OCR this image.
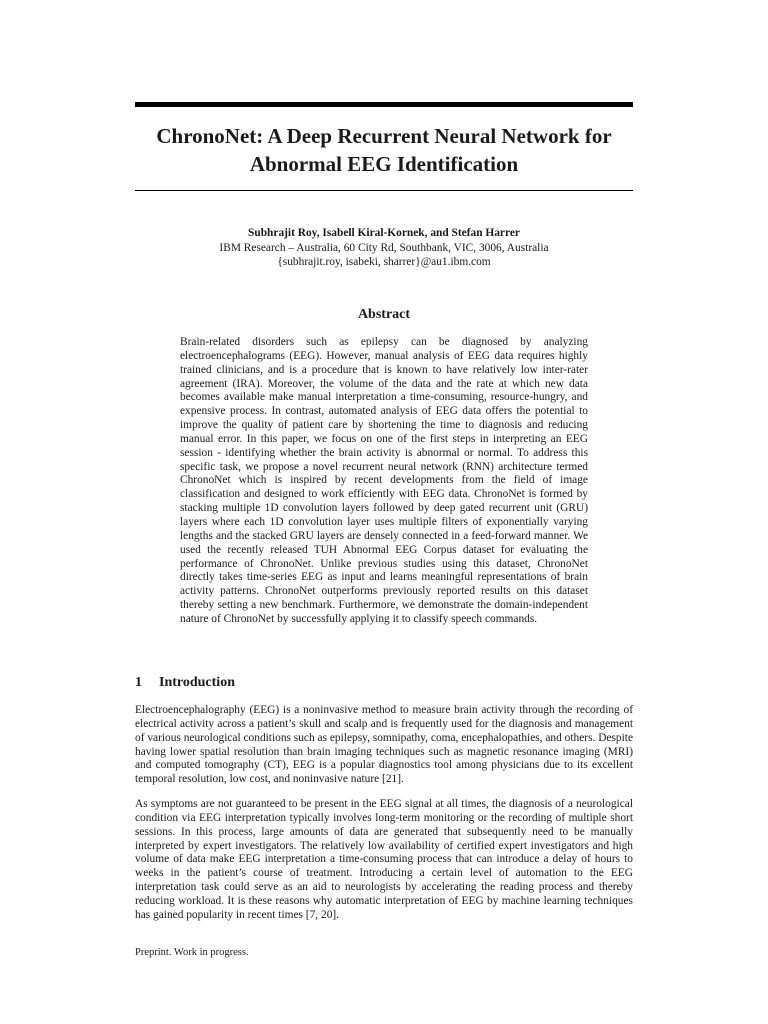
ChronoNet: A Deep Recurrent Neural Network for Abnormal EEG Identification
Subhrajit Roy, Isabell Kiral-Kornek, and Stefan Harrer
IBM Research – Australia, 60 City Rd, Southbank, VIC, 3006, Australia
{subhrajit.roy, isabeki, sharrer}@au1.ibm.com
Abstract

Brain-related disorders such as epilepsy can be diagnosed by analyzing electroencephalograms (EEG). However, manual analysis of EEG data requires highly trained clinicians, and is a procedure that is known to have relatively low inter-rater agreement (IRA). Moreover, the volume of the data and the rate at which new data becomes available make manual interpretation a time-consuming, resource-hungry, and expensive process. In contrast, automated analysis of EEG data offers the potential to improve the quality of patient care by shortening the time to diagnosis and reducing manual error. In this paper, we focus on one of the first steps in interpreting an EEG session - identifying whether the brain activity is abnormal or normal. To address this specific task, we propose a novel recurrent neural network (RNN) architecture termed ChronoNet which is inspired by recent developments from the field of image classification and designed to work efficiently with EEG data. ChronoNet is formed by stacking multiple 1D convolution layers followed by deep gated recurrent unit (GRU) layers where each 1D convolution layer uses multiple filters of exponentially varying lengths and the stacked GRU layers are densely connected in a feed-forward manner. We used the recently released TUH Abnormal EEG Corpus dataset for evaluating the performance of ChronoNet. Unlike previous studies using this dataset, ChronoNet directly takes time-series EEG as input and learns meaningful representations of brain activity patterns. ChronoNet outperforms previously reported results on this dataset thereby setting a new benchmark. Furthermore, we demonstrate the domain-independent nature of ChronoNet by successfully applying it to classify speech commands.

1 Introduction

Electroencephalography (EEG) is a noninvasive method to measure brain activity through the recording of electrical activity across a patient’s skull and scalp and is frequently used for the diagnosis and management of various neurological conditions such as epilepsy, somnipathy, coma, encephalopathies, and others. Despite having lower spatial resolution than brain imaging techniques such as magnetic resonance imaging (MRI) and computed tomography (CT), EEG is a popular diagnostics tool among physicians due to its excellent temporal resolution, low cost, and noninvasive nature [21].

As symptoms are not guaranteed to be present in the EEG signal at all times, the diagnosis of a neurological condition via EEG interpretation typically involves long-term monitoring or the recording of multiple short sessions. In this process, large amounts of data are generated that subsequently need to be manually interpreted by expert investigators. The relatively low availability of certified expert investigators and high volume of data make EEG interpretation a time-consuming process that can introduce a delay of hours to weeks in the patient’s course of treatment. Introducing a certain level of automation to the EEG interpretation task could serve as an aid to neurologists by accelerating the reading process and thereby reducing workload. It is these reasons why automatic interpretation of EEG by machine learning techniques has gained popularity in recent times [7, 20].

Preprint. Work in progress.
